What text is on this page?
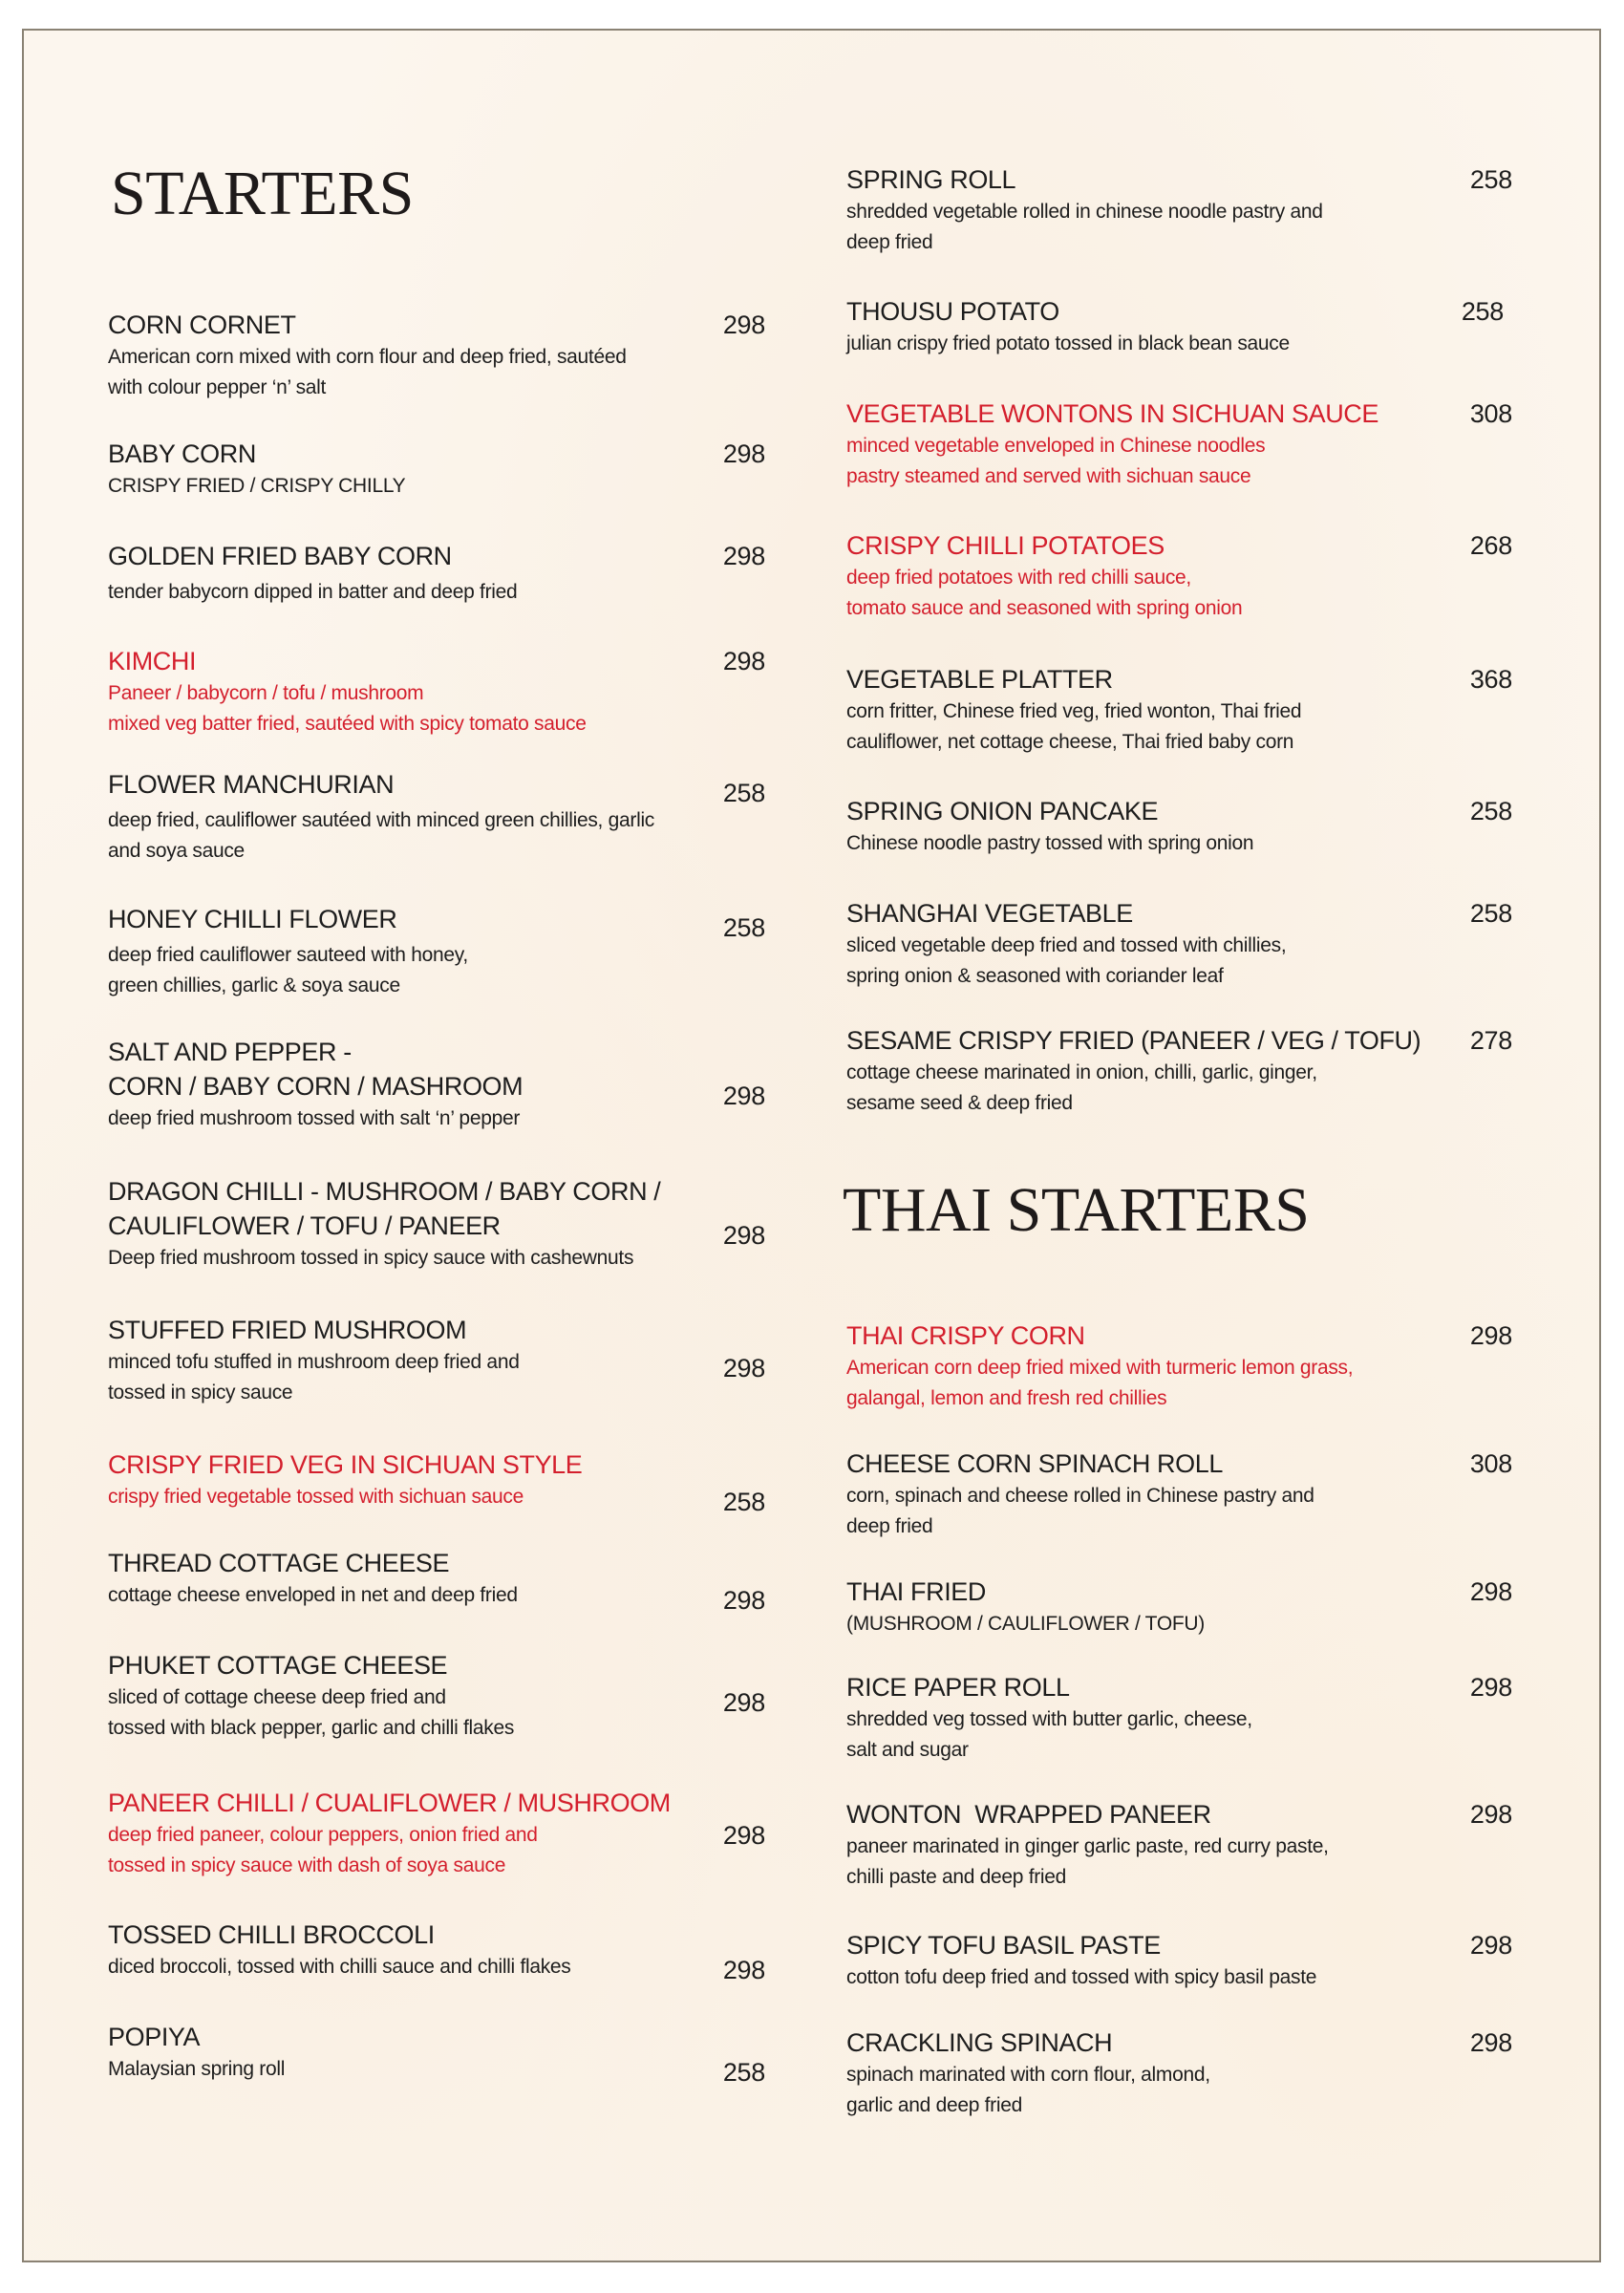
STARTERS
CORN CORNET
American corn mixed with corn flour and deep fried, sautéed
with colour pepper ‘n’ salt
298
BABY CORN
CRISPY FRIED / CRISPY CHILLY
298
GOLDEN FRIED BABY CORN
tender babycorn dipped in batter and deep fried
298
KIMCHI
Paneer / babycorn / tofu / mushroom
mixed veg batter fried, sautéed with spicy tomato sauce
298
FLOWER MANCHURIAN
deep fried, cauliflower sautéed with minced green chillies, garlic
and soya sauce
258
HONEY CHILLI FLOWER
deep fried cauliflower sauteed with honey,
green chillies, garlic & soya sauce
258
SALT AND PEPPER -
CORN / BABY CORN / MASHROOM
deep fried mushroom tossed with salt ‘n’ pepper
298
DRAGON CHILLI - MUSHROOM / BABY CORN /
CAULIFLOWER / TOFU / PANEER
Deep fried mushroom tossed in spicy sauce with cashewnuts
298
STUFFED FRIED MUSHROOM
minced tofu stuffed in mushroom deep fried and
tossed in spicy sauce
298
CRISPY FRIED VEG IN SICHUAN STYLE
crispy fried vegetable tossed with sichuan sauce	258
THREAD COTTAGE CHEESE
cottage cheese enveloped in net and deep fried	298
PHUKET COTTAGE CHEESE
sliced of cottage cheese deep fried and
tossed with black pepper, garlic and chilli flakes
298
PANEER CHILLI / CUALIFLOWER / MUSHROOM
deep fried paneer, colour peppers, onion fried and
tossed in spicy sauce with dash of soya sauce
298
TOSSED CHILLI BROCCOLI
diced broccoli, tossed with chilli sauce and chilli flakes	298
POPIYA
Malaysian spring roll	258
SPRING ROLL
shredded vegetable rolled in chinese noodle pastry and
deep fried
258
THOUSU POTATO
julian crispy fried potato tossed in black bean sauce
258
VEGETABLE WONTONS IN SICHUAN SAUCE
minced vegetable enveloped in Chinese noodles
pastry steamed and served with sichuan sauce
308
CRISPY CHILLI POTATOES
deep fried potatoes with red chilli sauce,
tomato sauce and seasoned with spring onion
268
VEGETABLE PLATTER
corn fritter, Chinese fried veg, fried wonton, Thai fried
cauliflower, net cottage cheese, Thai fried baby corn
368
SPRING ONION PANCAKE
Chinese noodle pastry tossed with spring onion
258
SHANGHAI VEGETABLE
sliced vegetable deep fried and tossed with chillies,
spring onion & seasoned with coriander leaf
258
SESAME CRISPY FRIED (PANEER / VEG / TOFU)
cottage cheese marinated in onion, chilli, garlic, ginger,
sesame seed & deep fried
278
THAI STARTERS
THAI CRISPY CORN
American corn deep fried mixed with turmeric lemon grass,
galangal, lemon and fresh red chillies
298
CHEESE CORN SPINACH ROLL
corn, spinach and cheese rolled in Chinese pastry and
deep fried
308
THAI FRIED
(MUSHROOM / CAULIFLOWER / TOFU)
298
RICE PAPER ROLL
shredded veg tossed with butter garlic, cheese,
salt and sugar
298
WONTON  WRAPPED PANEER
paneer marinated in ginger garlic paste, red curry paste,
chilli paste and deep fried
298
SPICY TOFU BASIL PASTE
cotton tofu deep fried and tossed with spicy basil paste
298
CRACKLING SPINACH
spinach marinated with corn flour, almond,
garlic and deep fried
298
